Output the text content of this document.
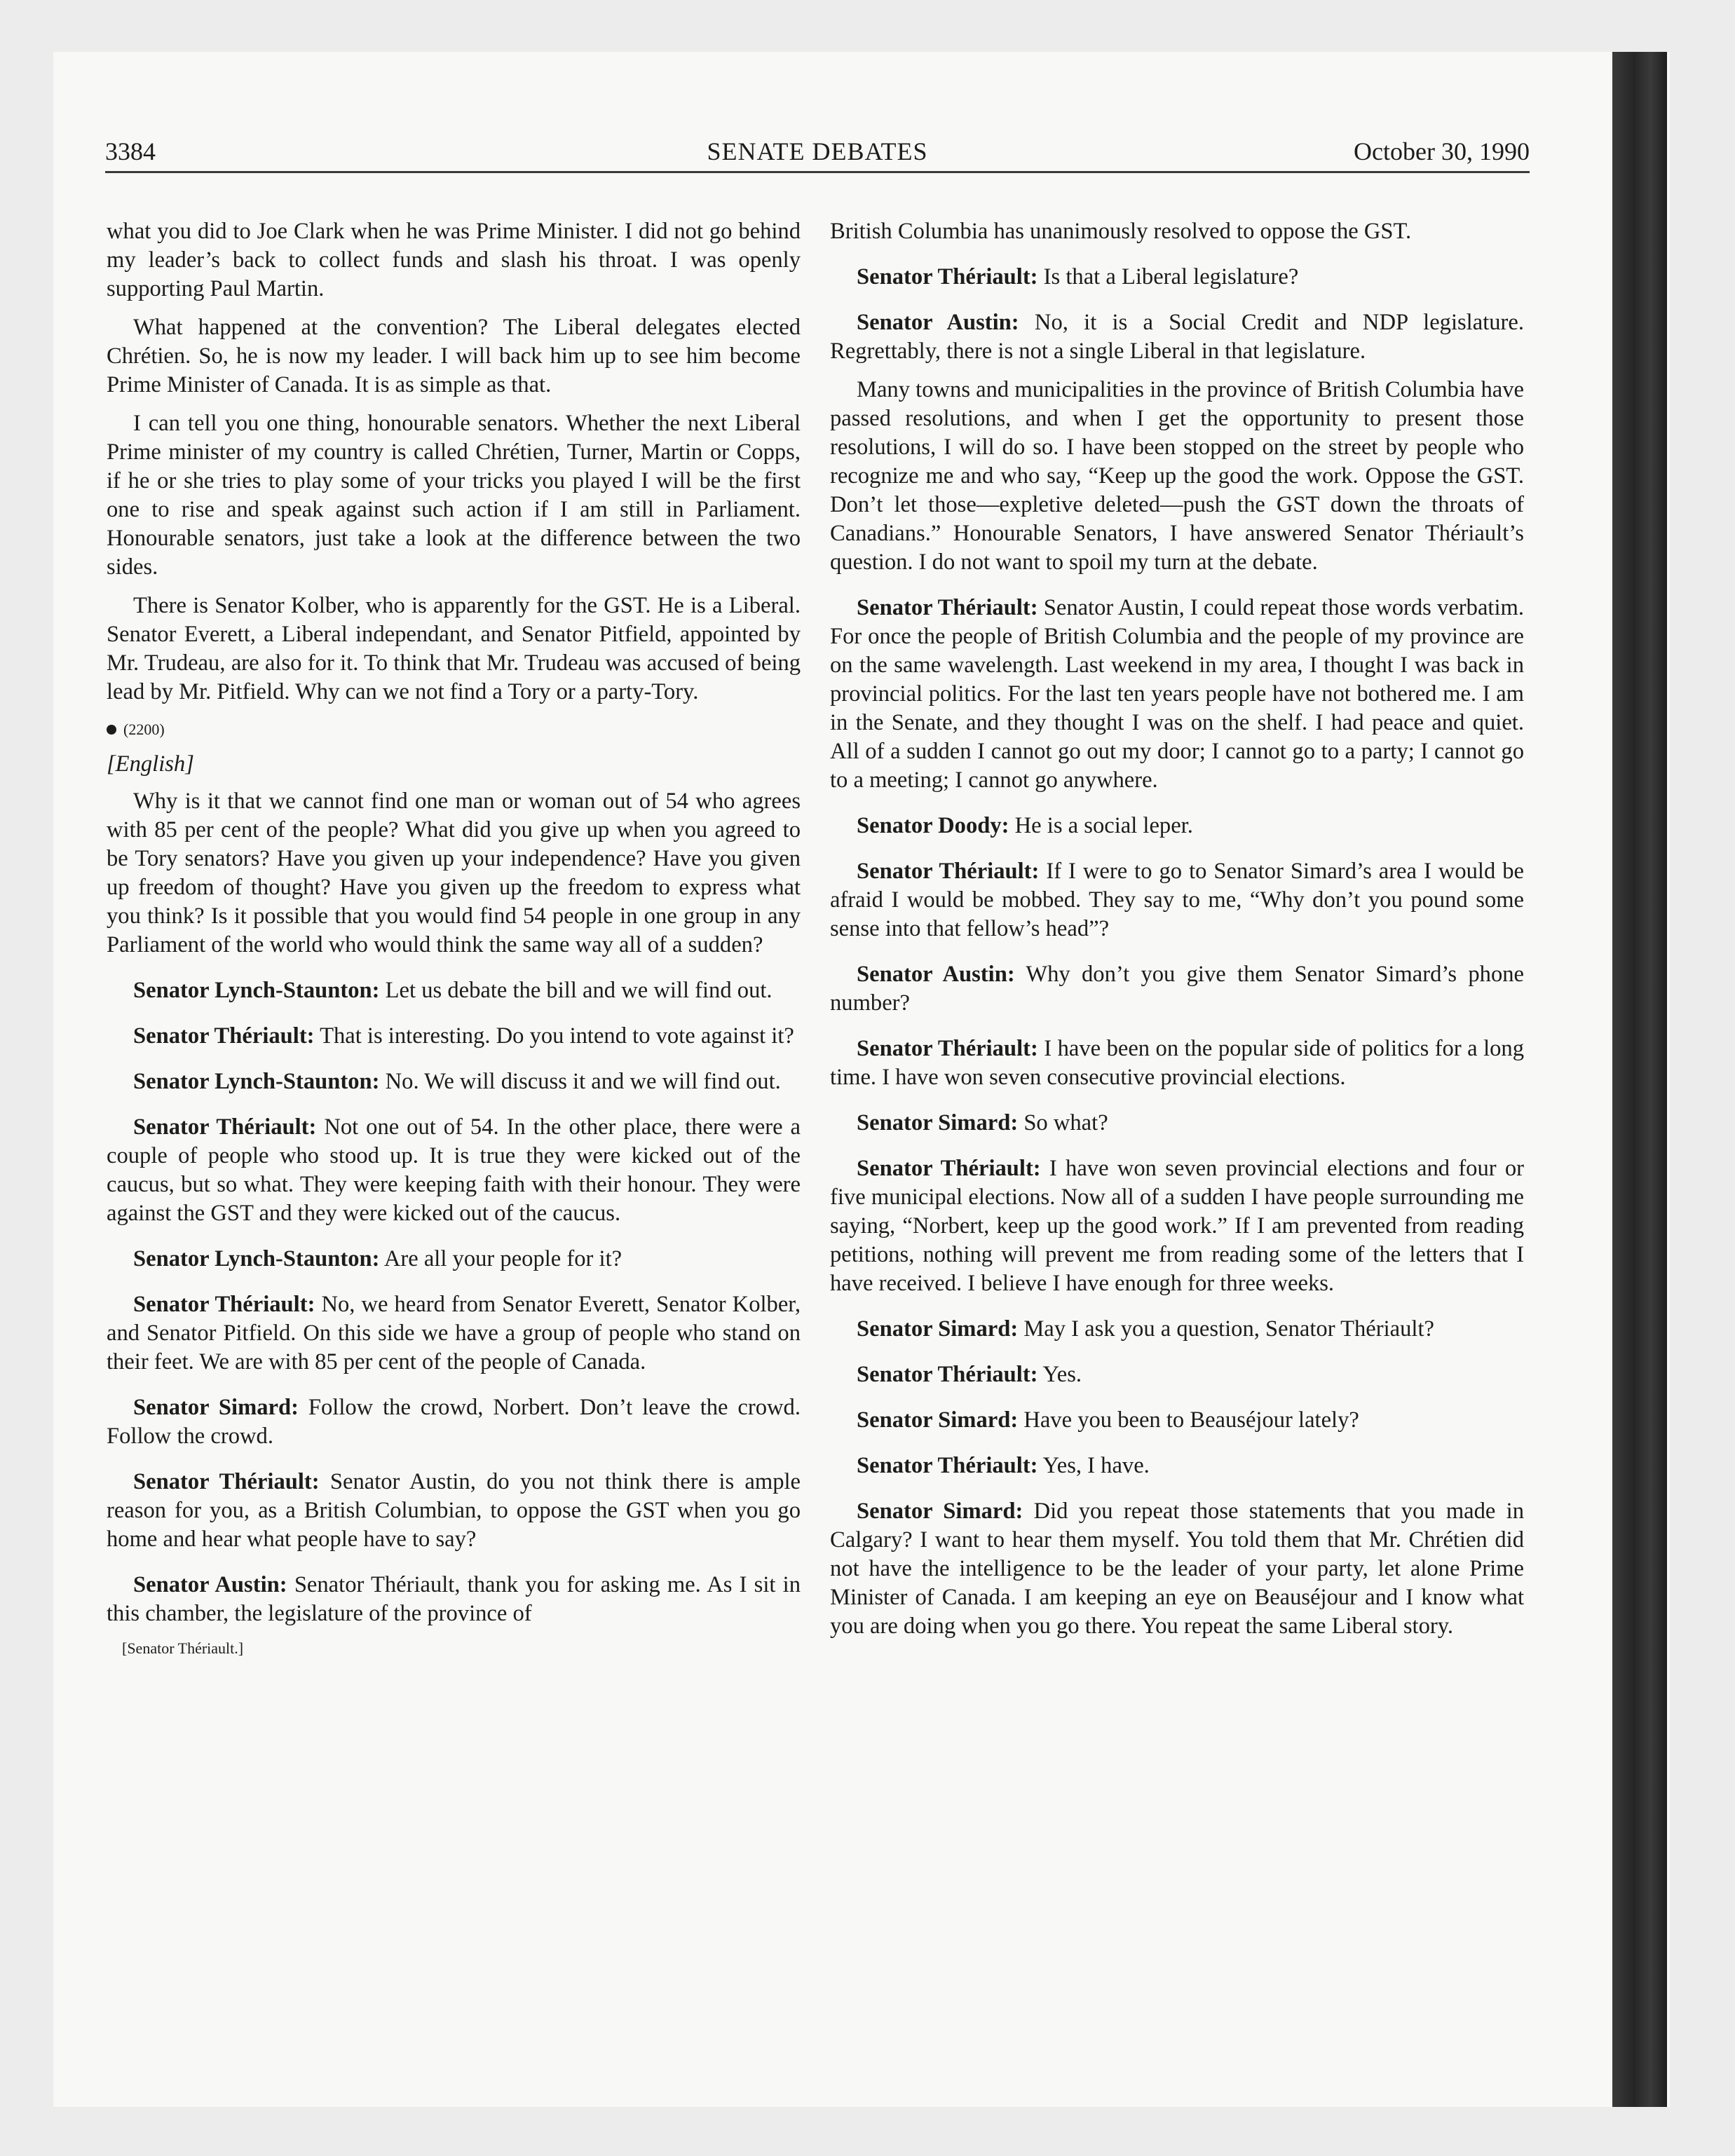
3384	SENATE DEBATES	October 30, 1990

what you did to Joe Clark when he was Prime Minister. I did not go behind my leader’s back to collect funds and slash his throat. I was openly supporting Paul Martin.

What happened at the convention? The Liberal delegates elected Chrétien. So, he is now my leader. I will back him up to see him become Prime Minister of Canada. It is as simple as that.

I can tell you one thing, honourable senators. Whether the next Liberal Prime minister of my country is called Chrétien, Turner, Martin or Copps, if he or she tries to play some of your tricks you played I will be the first one to rise and speak against such action if I am still in Parliament. Honourable senators, just take a look at the difference between the two sides.

There is Senator Kolber, who is apparently for the GST. He is a Liberal. Senator Everett, a Liberal independant, and Senator Pitfield, appointed by Mr. Trudeau, are also for it. To think that Mr. Trudeau was accused of being lead by Mr. Pitfield. Why can we not find a Tory or a party-Tory.

(2200)
[English]

Why is it that we cannot find one man or woman out of 54 who agrees with 85 per cent of the people? What did you give up when you agreed to be Tory senators? Have you given up your independence? Have you given up freedom of thought? Have you given up the freedom to express what you think? Is it possible that you would find 54 people in one group in any Parliament of the world who would think the same way all of a sudden?

Senator Lynch-Staunton: Let us debate the bill and we will find out.

Senator Thériault: That is interesting. Do you intend to vote against it?

Senator Lynch-Staunton: No. We will discuss it and we will find out.

Senator Thériault: Not one out of 54. In the other place, there were a couple of people who stood up. It is true they were kicked out of the caucus, but so what. They were keeping faith with their honour. They were against the GST and they were kicked out of the caucus.

Senator Lynch-Staunton: Are all your people for it?

Senator Thériault: No, we heard from Senator Everett, Senator Kolber, and Senator Pitfield. On this side we have a group of people who stand on their feet. We are with 85 per cent of the people of Canada.

Senator Simard: Follow the crowd, Norbert. Don’t leave the crowd. Follow the crowd.

Senator Thériault: Senator Austin, do you not think there is ample reason for you, as a British Columbian, to oppose the GST when you go home and hear what people have to say?

Senator Austin: Senator Thériault, thank you for asking me. As I sit in this chamber, the legislature of the province of

[Senator Thériault.]

British Columbia has unanimously resolved to oppose the GST.

Senator Thériault: Is that a Liberal legislature?

Senator Austin: No, it is a Social Credit and NDP legislature. Regrettably, there is not a single Liberal in that legislature.

Many towns and municipalities in the province of British Columbia have passed resolutions, and when I get the opportunity to present those resolutions, I will do so. I have been stopped on the street by people who recognize me and who say, “Keep up the good the work. Oppose the GST. Don’t let those—expletive deleted—push the GST down the throats of Canadians.” Honourable Senators, I have answered Senator Thériault’s question. I do not want to spoil my turn at the debate.

Senator Thériault: Senator Austin, I could repeat those words verbatim. For once the people of British Columbia and the people of my province are on the same wavelength. Last weekend in my area, I thought I was back in provincial politics. For the last ten years people have not bothered me. I am in the Senate, and they thought I was on the shelf. I had peace and quiet. All of a sudden I cannot go out my door; I cannot go to a party; I cannot go to a meeting; I cannot go anywhere.

Senator Doody: He is a social leper.

Senator Thériault: If I were to go to Senator Simard’s area I would be afraid I would be mobbed. They say to me, “Why don’t you pound some sense into that fellow’s head”?

Senator Austin: Why don’t you give them Senator Simard’s phone number?

Senator Thériault: I have been on the popular side of politics for a long time. I have won seven consecutive provincial elections.

Senator Simard: So what?

Senator Thériault: I have won seven provincial elections and four or five municipal elections. Now all of a sudden I have people surrounding me saying, “Norbert, keep up the good work.” If I am prevented from reading petitions, nothing will prevent me from reading some of the letters that I have received. I believe I have enough for three weeks.

Senator Simard: May I ask you a question, Senator Thériault?

Senator Thériault: Yes.

Senator Simard: Have you been to Beauséjour lately?

Senator Thériault: Yes, I have.

Senator Simard: Did you repeat those statements that you made in Calgary? I want to hear them myself. You told them that Mr. Chrétien did not have the intelligence to be the leader of your party, let alone Prime Minister of Canada. I am keeping an eye on Beauséjour and I know what you are doing when you go there. You repeat the same Liberal story.
